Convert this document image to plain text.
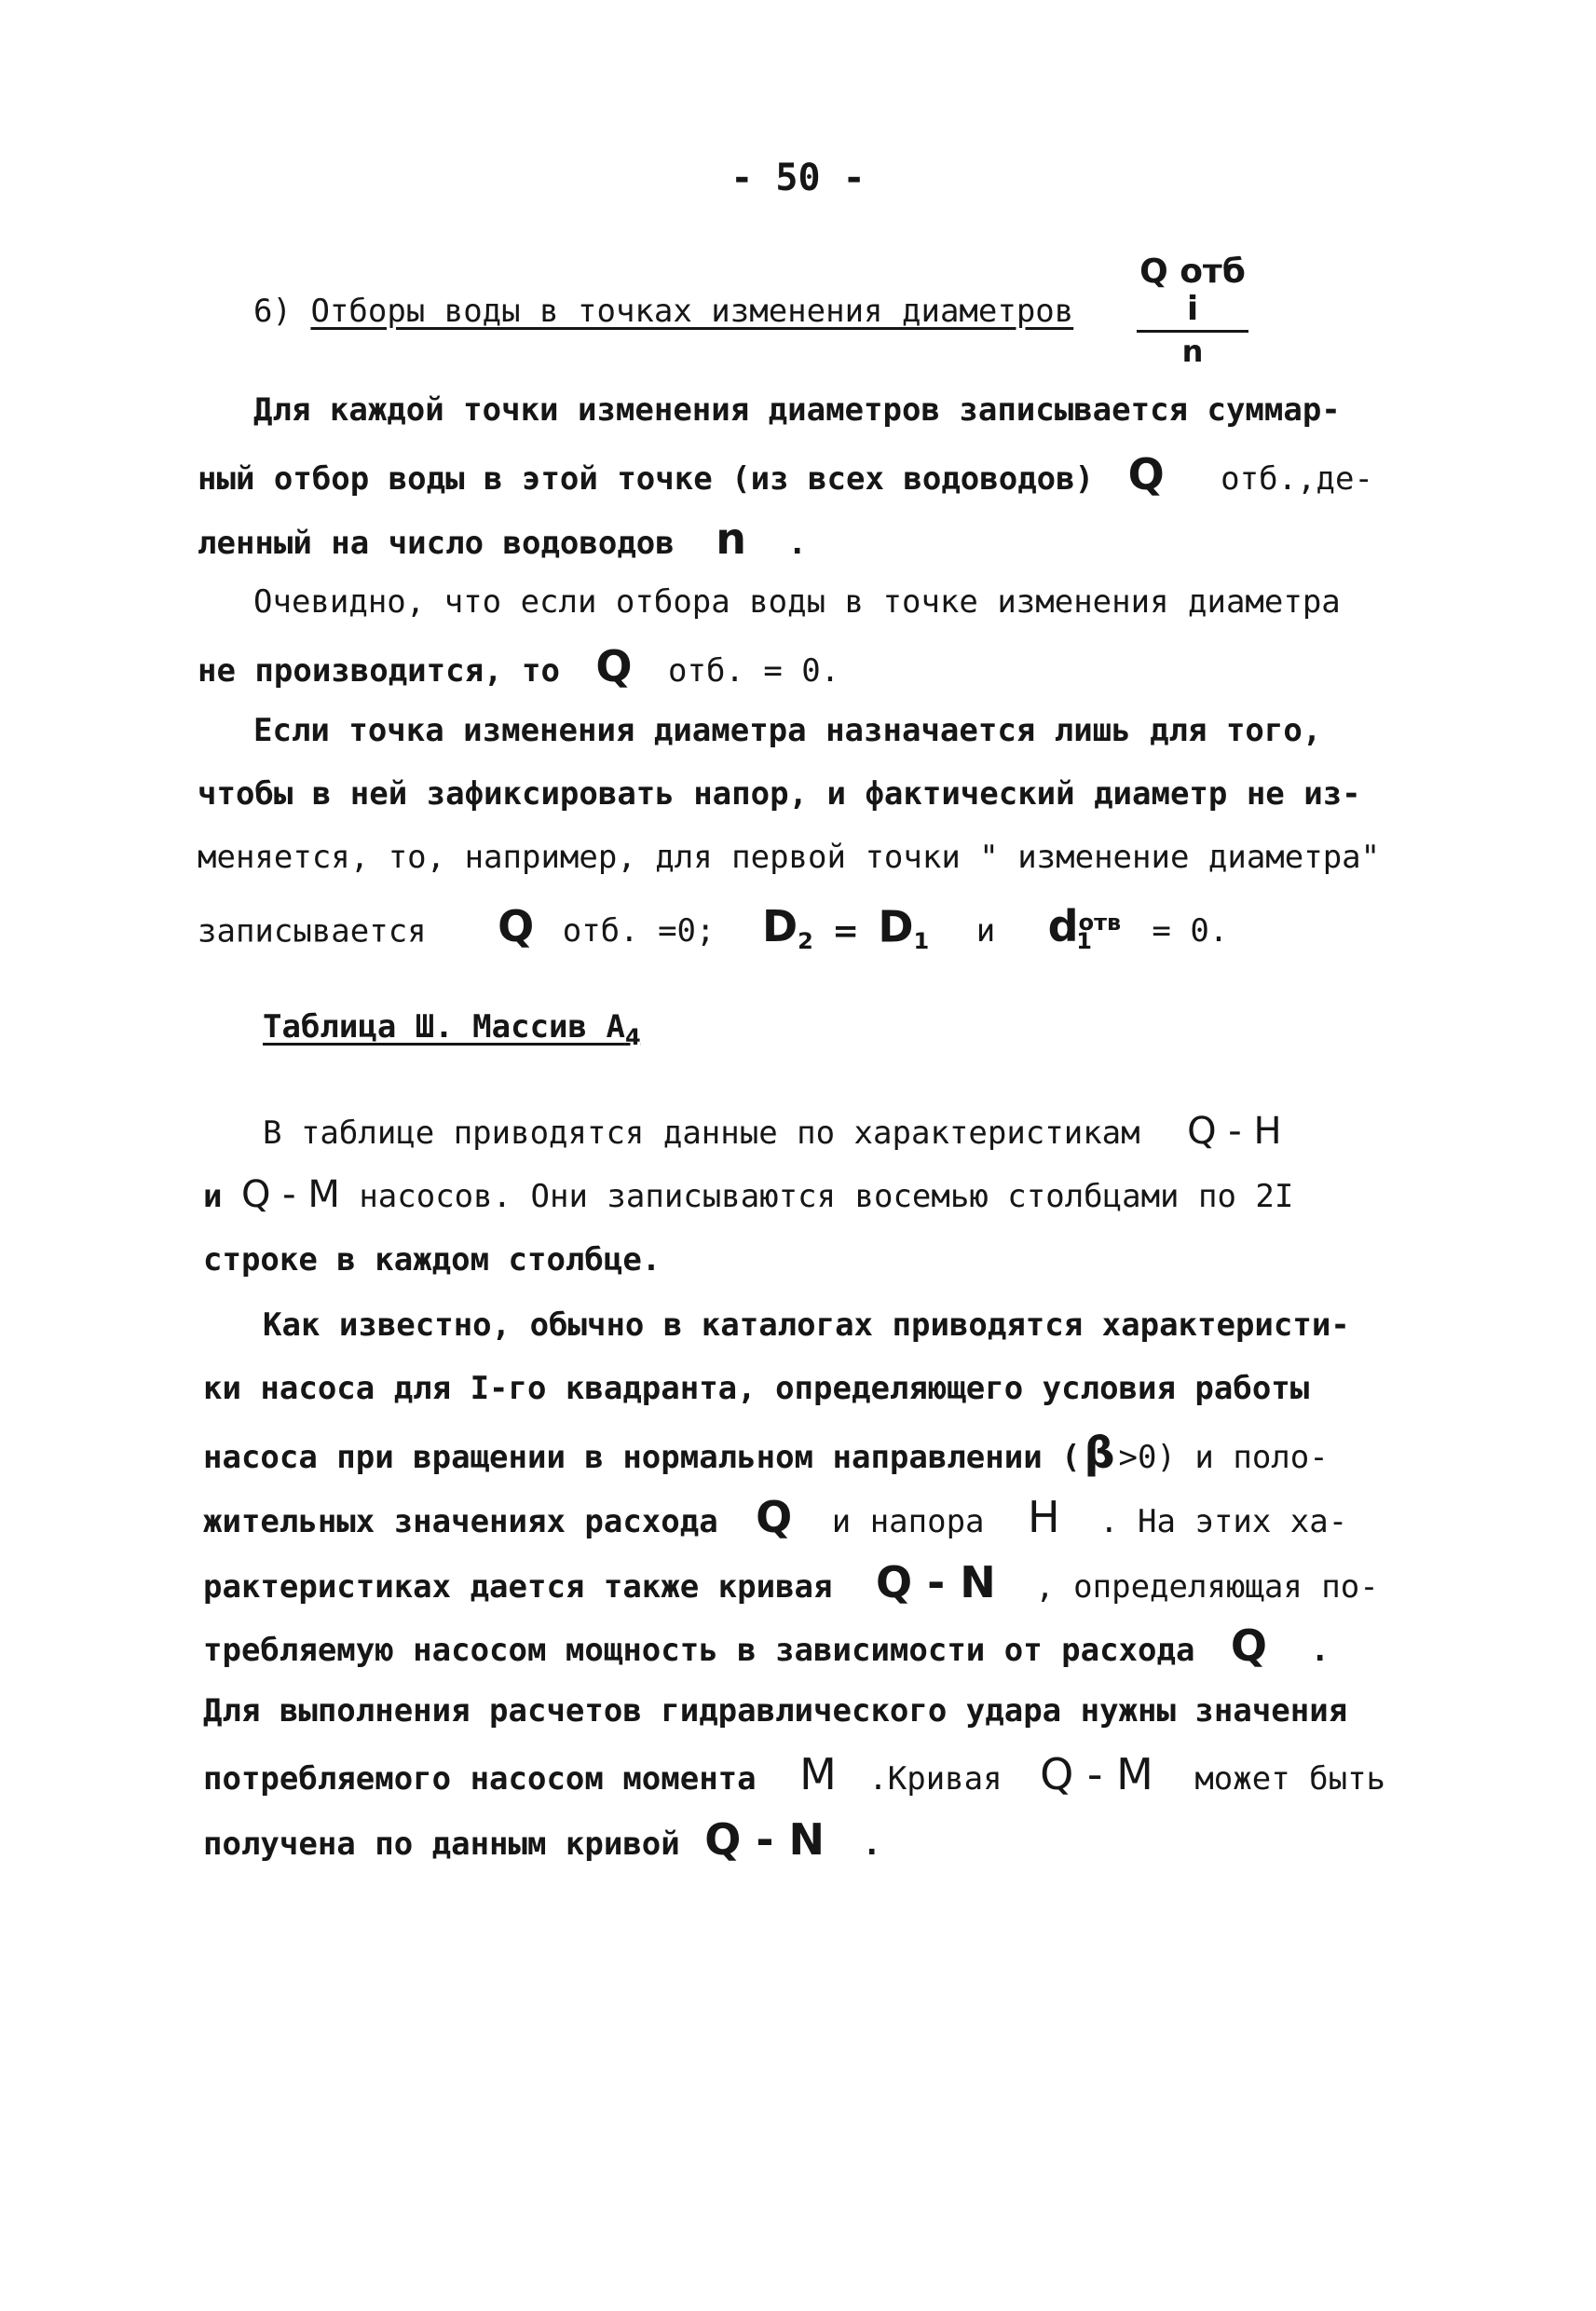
- 50 -
6) Отборы воды в точках изменения диаметров
Q отб i
n
Для каждой точки изменения диаметров записывается суммар-
ный отбор воды в этой точке (из всех водоводов) Q отб.,де-
ленный на число водоводов n .
Очевидно, что если отбора воды в точке изменения диаметра
не производится, то Q отб. = 0.
Если точка изменения диаметра назначается лишь для того,
чтобы в ней зафиксировать напор, и фактический диаметр не из-
меняется, то, например, для первой точки " изменение диаметра"
записывается Q отб. =0; $D_2 = D_1$ и $d^{отв}_1 = 0$.
Таблица Ш. Массив $А_4$
В таблице приводятся данные по характеристикам Q - H
и Q - M насосов. Они записываются восемью столбцами по 2I
строке в каждом столбце.
Как известно, обычно в каталогах приводятся характеристи-
ки насоса для I-го квадранта, определяющего условия работы
насоса при вращении в нормальном направлении (β >0) и поло-
жительных значениях расхода Q и напора H . На этих ха-
рактеристиках дается также кривая Q - N , определяющая по-
требляемую насосом мощность в зависимости от расхода Q .
Для выполнения расчетов гидравлического удара нужны значения
потребляемого насосом момента M .Кривая Q - M может быть
получена по данным кривой Q - N .
